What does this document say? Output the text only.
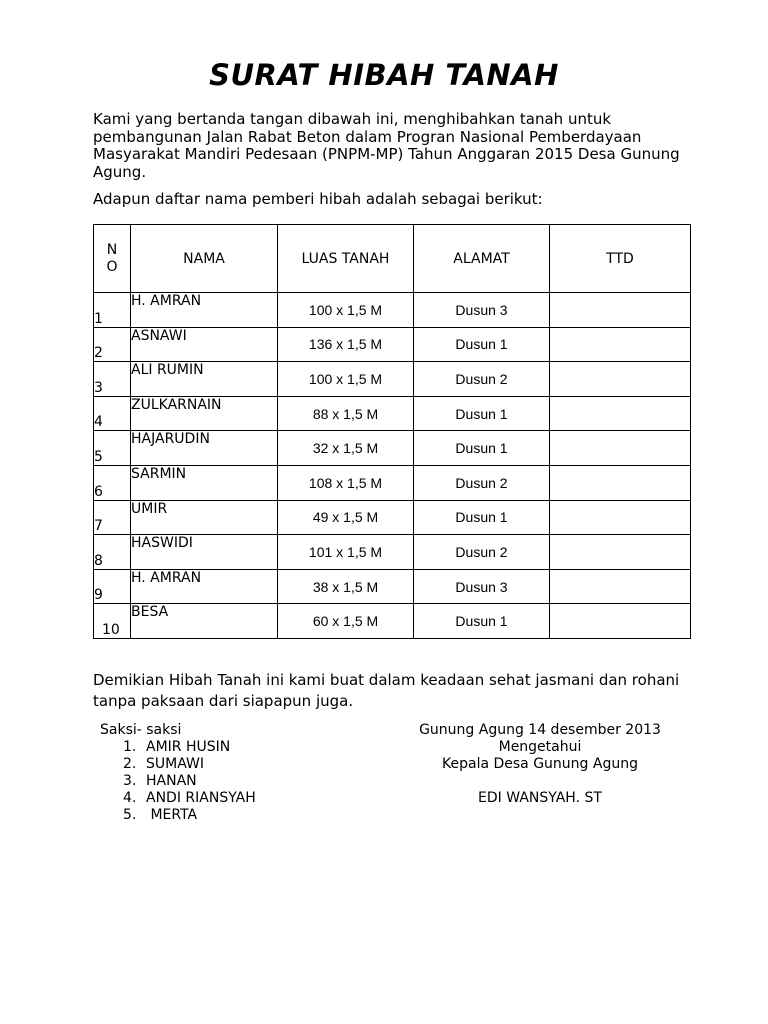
SURAT HIBAH TANAH
Kami yang bertanda tangan dibawah ini, menghibahkan tanah untuk pembangunan Jalan Rabat Beton dalam Progran Nasional Pemberdayaan Masyarakat Mandiri Pedesaan (PNPM-MP) Tahun Anggaran 2015 Desa Gunung Agung.
Adapun daftar nama pemberi hibah adalah sebagai berikut:
N
O	NAMA	LUAS TANAH	ALAMAT	TTD
1	H. AMRAN	100 x 1,5 M	Dusun 3	
2	ASNAWI	136 x 1,5 M	Dusun 1	
3	ALI RUMIN	100 x 1,5 M	Dusun 2	
4	ZULKARNAIN	88 x 1,5 M	Dusun 1	
5	HAJARUDIN	32 x 1,5 M	Dusun 1	
6	SARMIN	108 x 1,5 M	Dusun 2	
7	UMIR	49 x 1,5 M	Dusun 1	
8	HASWIDI	101 x 1,5 M	Dusun 2	
9	H. AMRAN	38 x 1,5 M	Dusun 3	
10	BESA	60 x 1,5 M	Dusun 1	
Demikian Hibah Tanah ini kami buat dalam keadaan sehat jasmani dan rohani tanpa paksaan dari siapapun juga.
Saksi- saksi
1. AMIR HUSIN
2. SUMAWI
3. HANAN
4. ANDI RIANSYAH
5. MERTA
Gunung Agung 14 desember 2013
Mengetahui
Kepala Desa Gunung Agung
EDI WANSYAH. ST
